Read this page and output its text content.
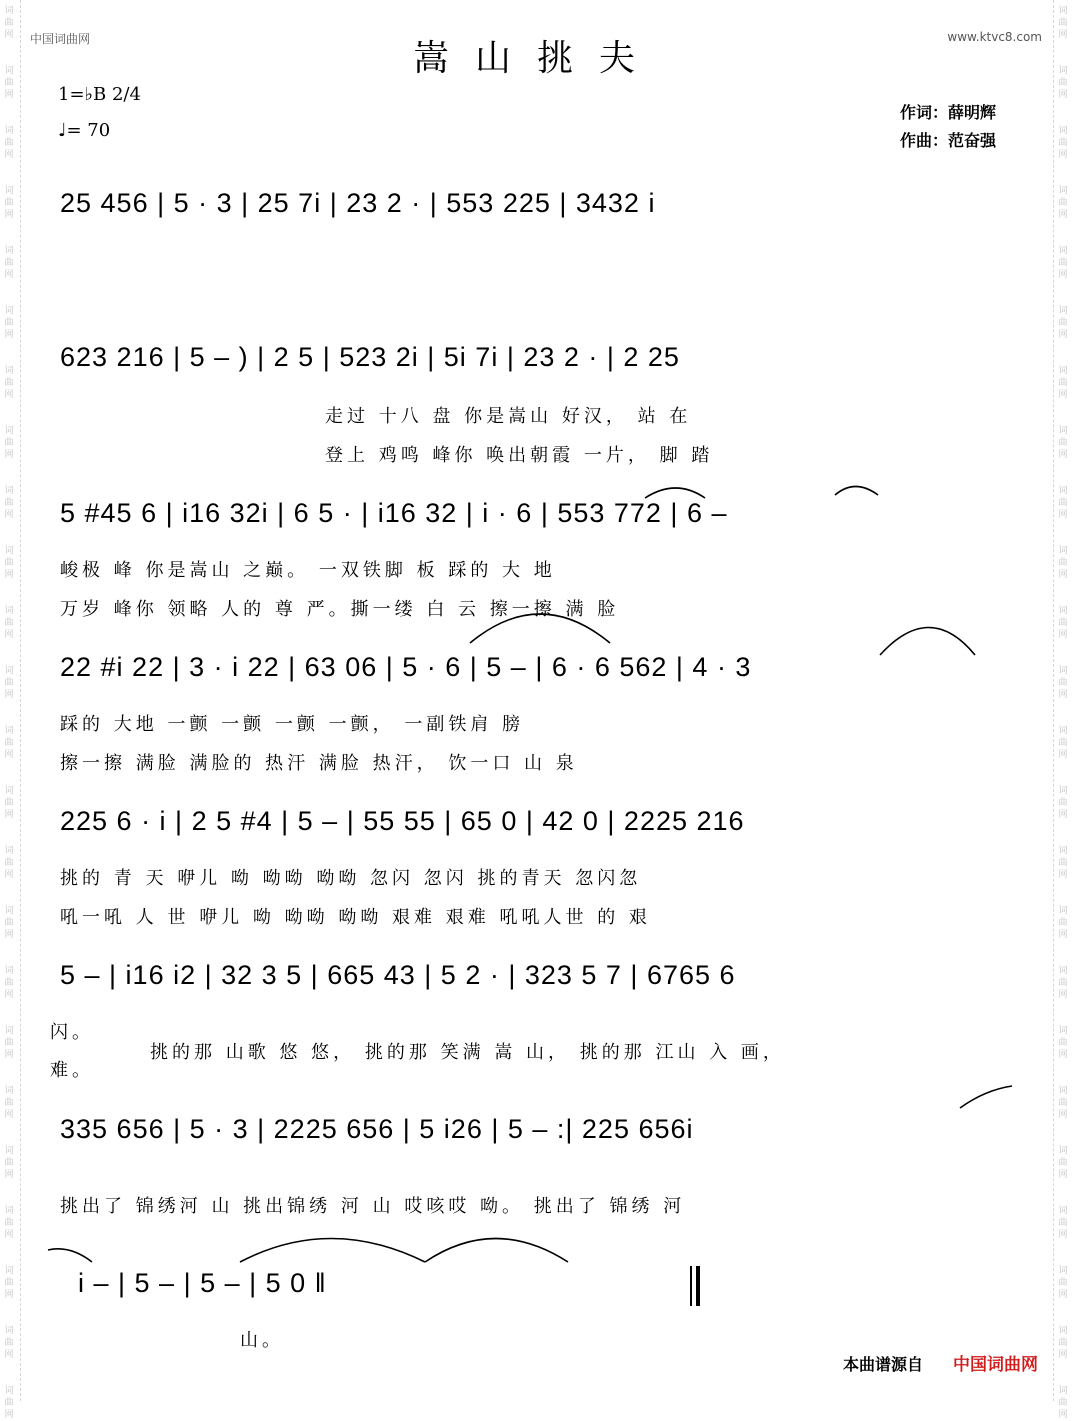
词
曲
网
词
曲
网
词
曲
网
词
曲
网
词
曲
网
词
曲
网
词
曲
网
词
曲
网
词
曲
网
词
曲
网
词
曲
网
词
曲
网
词
曲
网
词
曲
网
词
曲
网
词
曲
网
词
曲
网
词
曲
网
词
曲
网
词
曲
网
词
曲
网
词
曲
网
词
曲
网
词
曲
网
词
曲
网
词
曲
网
词
曲
网
词
曲
网
词
曲
网
词
曲
网
词
曲
网
词
曲
网
词
曲
网
词
曲
网
词
曲
网
词
曲
网
词
曲
网
词
曲
网
词
曲
网
词
曲
网
词
曲
网
词
曲
网
词
曲
网
词
曲
网
词
曲
网
词
曲
网
词
曲
网
词
曲
网
中国词曲网	www.ktvc8.com
嵩山挑夫
1=♭B 2/4
♩= 70
作词：薛明辉
作曲：范奋强
25 456 | 5 · 3 | 25 7i | 23 2 · | 553 225 | 3432 i
623 216 | 5 – ) | 2 5 | 523 2i | 5i 7i | 23 2 · | 2 25
走过 十八 盘 你是嵩山 好汉， 站 在
登上 鸡鸣 峰你 唤出朝霞 一片， 脚 踏
5 #45 6 | i16 32i | 6 5 · | i16 32 | i · 6 | 553 772 | 6 –
峻极 峰 你是嵩山 之巅。 一双铁脚 板 踩的 大 地
万岁 峰你 领略 人的 尊 严。撕一缕 白 云 擦一擦 满 脸
22 #i 22 | 3 · i 22 | 63 06 | 5 · 6 | 5 – | 6 · 6 562 | 4 · 3
踩的 大地 一颤 一颤 一颤 一颤， 一副铁肩 膀
擦一擦 满脸 满脸的 热汗 满脸 热汗， 饮一口 山 泉
225 6 · i | 2 5 #4 | 5 – | 55 55 | 65 0 | 42 0 | 2225 216
挑的 青 天 咿儿 呦 呦呦 呦呦 忽闪 忽闪 挑的青天 忽闪忽
吼一吼 人 世 咿儿 呦 呦呦 呦呦 艰难 艰难 吼吼人世 的 艰
5 – | i16 i2 | 32 3 5 | 665 43 | 5 2 · | 323 5 7 | 6765 6
闪。
挑的那 山歌 悠 悠， 挑的那 笑满 嵩 山， 挑的那 江山 入 画，
难。
335 656 | 5 · 3 | 2225 656 | 5 i26 | 5 – :| 225 656i
挑出了 锦绣河 山 挑出锦绣 河 山 哎咳哎 呦。 挑出了 锦绣 河
i – | 5 – | 5 – | 5 0 ‖
山。
本曲谱源自 中国词曲网
